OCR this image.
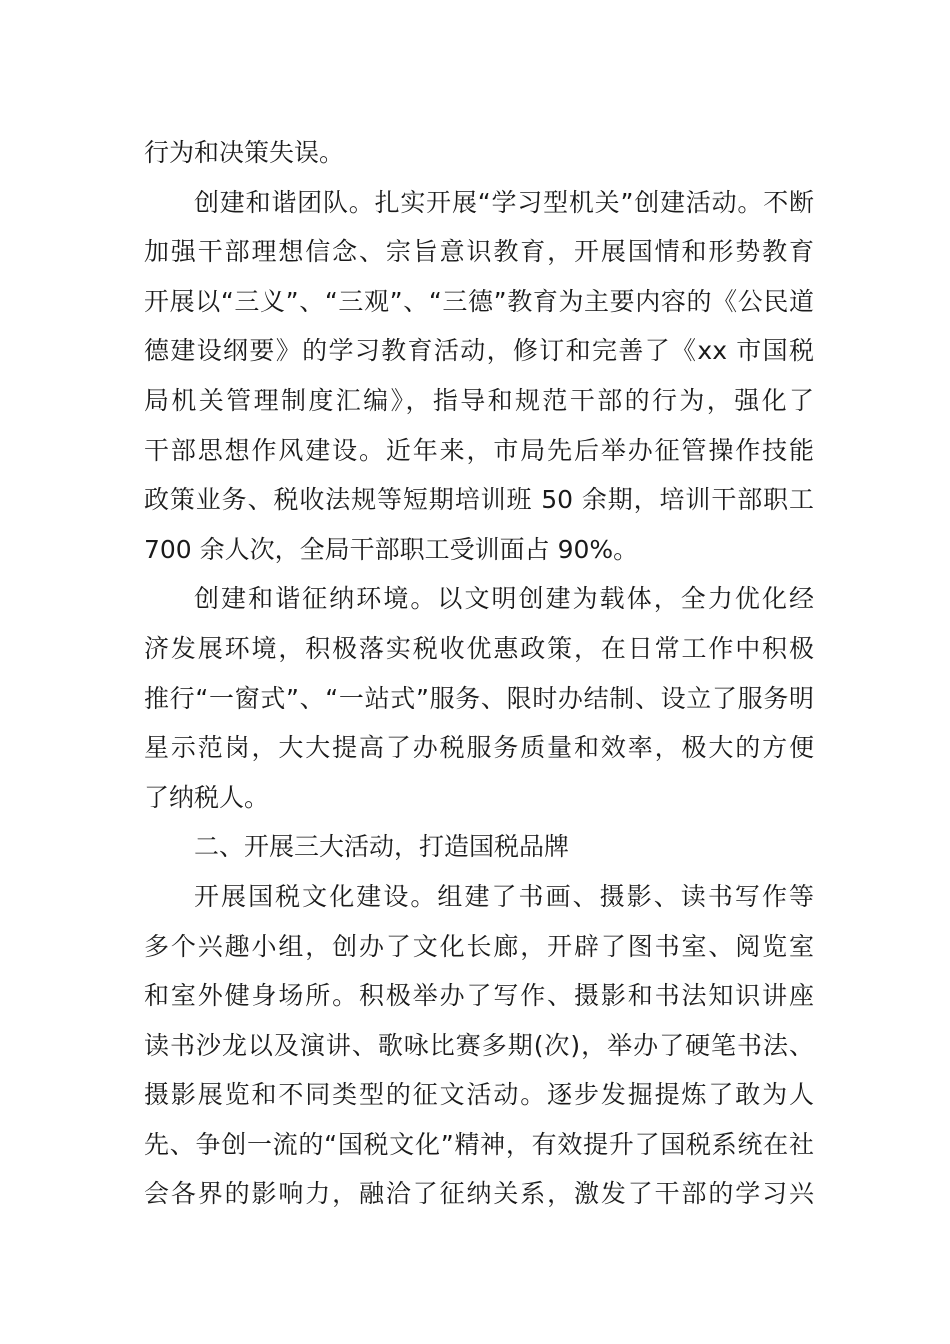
行为和决策失误。
创建和谐团队。扎实开展“学习型机关”创建活动。不断
加强干部理想信念、宗旨意识教育，开展国情和形势教育
开展以“三义”、“三观”、“三德”教育为主要内容的《公民道
德建设纲要》的学习教育活动，修订和完善了《xx 市国税
局机关管理制度汇编》，指导和规范干部的行为，强化了
干部思想作风建设。近年来，市局先后举办征管操作技能
政策业务、税收法规等短期培训班 50 余期，培训干部职工
700 余人次，全局干部职工受训面占 90%。
创建和谐征纳环境。以文明创建为载体，全力优化经
济发展环境，积极落实税收优惠政策，在日常工作中积极
推行“一窗式”、“一站式”服务、限时办结制、设立了服务明
星示范岗，大大提高了办税服务质量和效率，极大的方便
了纳税人。
二、开展三大活动，打造国税品牌
开展国税文化建设。组建了书画、摄影、读书写作等
多个兴趣小组，创办了文化长廊，开辟了图书室、阅览室
和室外健身场所。积极举办了写作、摄影和书法知识讲座
读书沙龙以及演讲、歌咏比赛多期(次)，举办了硬笔书法、
摄影展览和不同类型的征文活动。逐步发掘提炼了敢为人
先、争创一流的“国税文化”精神，有效提升了国税系统在社
会各界的影响力，融洽了征纳关系，激发了干部的学习兴
